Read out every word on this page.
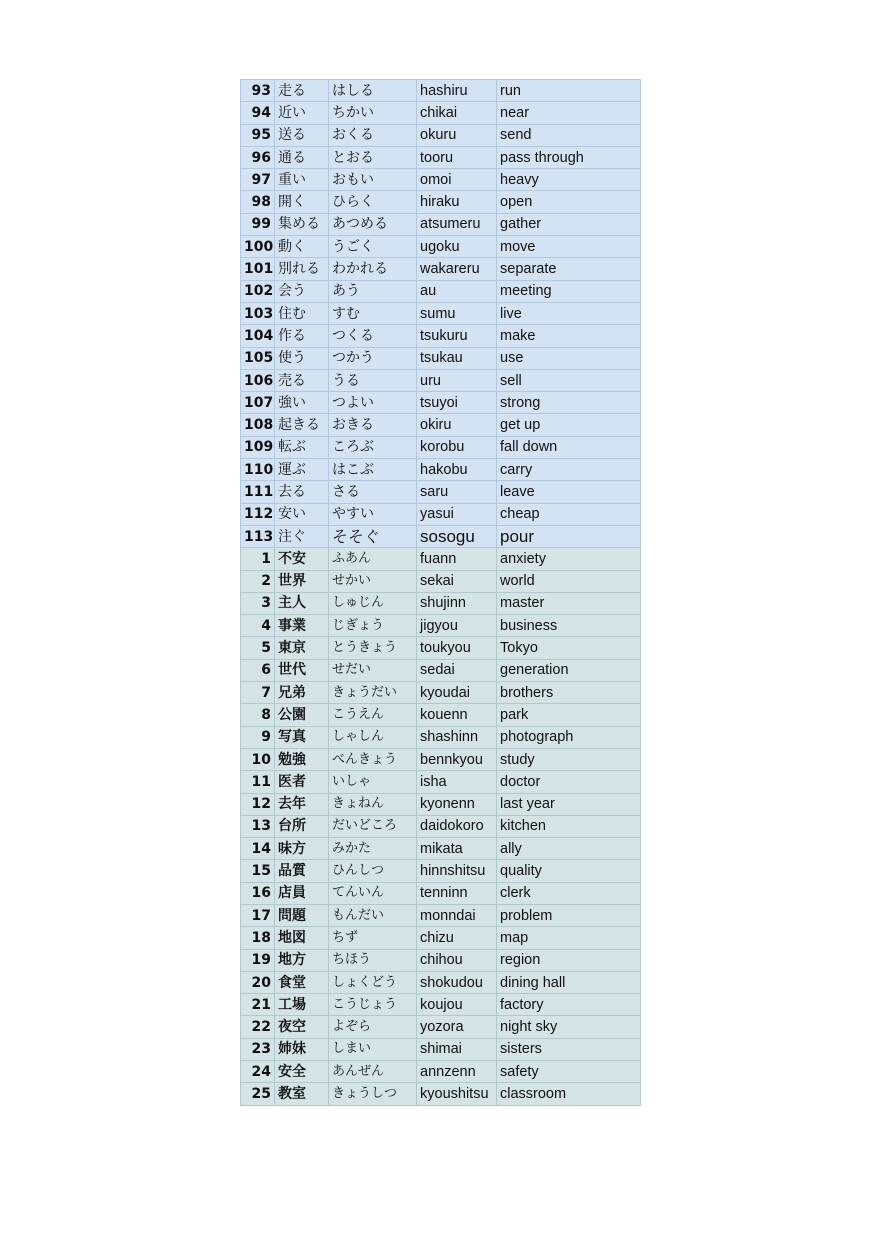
93	走る	はしる	hashiru	run
94	近い	ちかい	chikai	near
95	送る	おくる	okuru	send
96	通る	とおる	tooru	pass through
97	重い	おもい	omoi	heavy
98	開く	ひらく	hiraku	open
99	集める	あつめる	atsumeru	gather
100	動く	うごく	ugoku	move
101	別れる	わかれる	wakareru	separate
102	会う	あう	au	meeting
103	住む	すむ	sumu	live
104	作る	つくる	tsukuru	make
105	使う	つかう	tsukau	use
106	売る	うる	uru	sell
107	強い	つよい	tsuyoi	strong
108	起きる	おきる	okiru	get up
109	転ぶ	ころぶ	korobu	fall down
110	運ぶ	はこぶ	hakobu	carry
111	去る	さる	saru	leave
112	安い	やすい	yasui	cheap
113	注ぐ	そそぐ	sosogu	pour
1	不安	ふあん	fuann	anxiety
2	世界	せかい	sekai	world
3	主人	しゅじん	shujinn	master
4	事業	じぎょう	jigyou	business
5	東京	とうきょう	toukyou	Tokyo
6	世代	せだい	sedai	generation
7	兄弟	きょうだい	kyoudai	brothers
8	公園	こうえん	kouenn	park
9	写真	しゃしん	shashinn	photograph
10	勉強	べんきょう	bennkyou	study
11	医者	いしゃ	isha	doctor
12	去年	きょねん	kyonenn	last year
13	台所	だいどころ	daidokoro	kitchen
14	味方	みかた	mikata	ally
15	品質	ひんしつ	hinnshitsu	quality
16	店員	てんいん	tenninn	clerk
17	問題	もんだい	monndai	problem
18	地図	ちず	chizu	map
19	地方	ちほう	chihou	region
20	食堂	しょくどう	shokudou	dining hall
21	工場	こうじょう	koujou	factory
22	夜空	よぞら	yozora	night sky
23	姉妹	しまい	shimai	sisters
24	安全	あんぜん	annzenn	safety
25	教室	きょうしつ	kyoushitsu	classroom
